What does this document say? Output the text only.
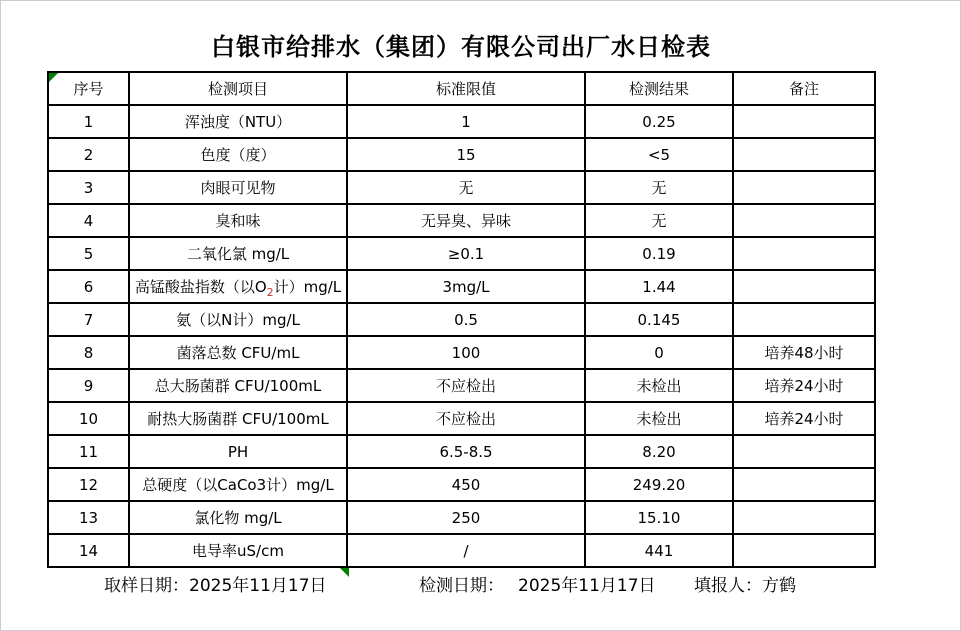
白银市给排水（集团）有限公司出厂水日检表
序号	检测项目	标准限值	检测结果	备注
1	浑浊度（NTU）	1	0.25	
2	色度（度）	15	<5	
3	肉眼可见物	无	无	
4	臭和味	无异臭、异味	无	
5	二氧化氯 mg/L	≥0.1	0.19	
6	高锰酸盐指数（以$O_2$计）mg/L	3mg/L	1.44	
7	氨（以N计）mg/L	0.5	0.145	
8	菌落总数 CFU/mL	100	0	培养48小时
9	总大肠菌群 CFU/100mL	不应检出	未检出	培养24小时
10	耐热大肠菌群 CFU/100mL	不应检出	未检出	培养24小时
11	PH	6.5-8.5	8.20	
12	总硬度（以CaCo3计）mg/L	450	249.20	
13	氯化物 mg/L	250	15.10	
14	电导率uS/cm	/	441	
取样日期：2025年11月17日	检测日期： 2025年11月17日 填报人：方鹤
